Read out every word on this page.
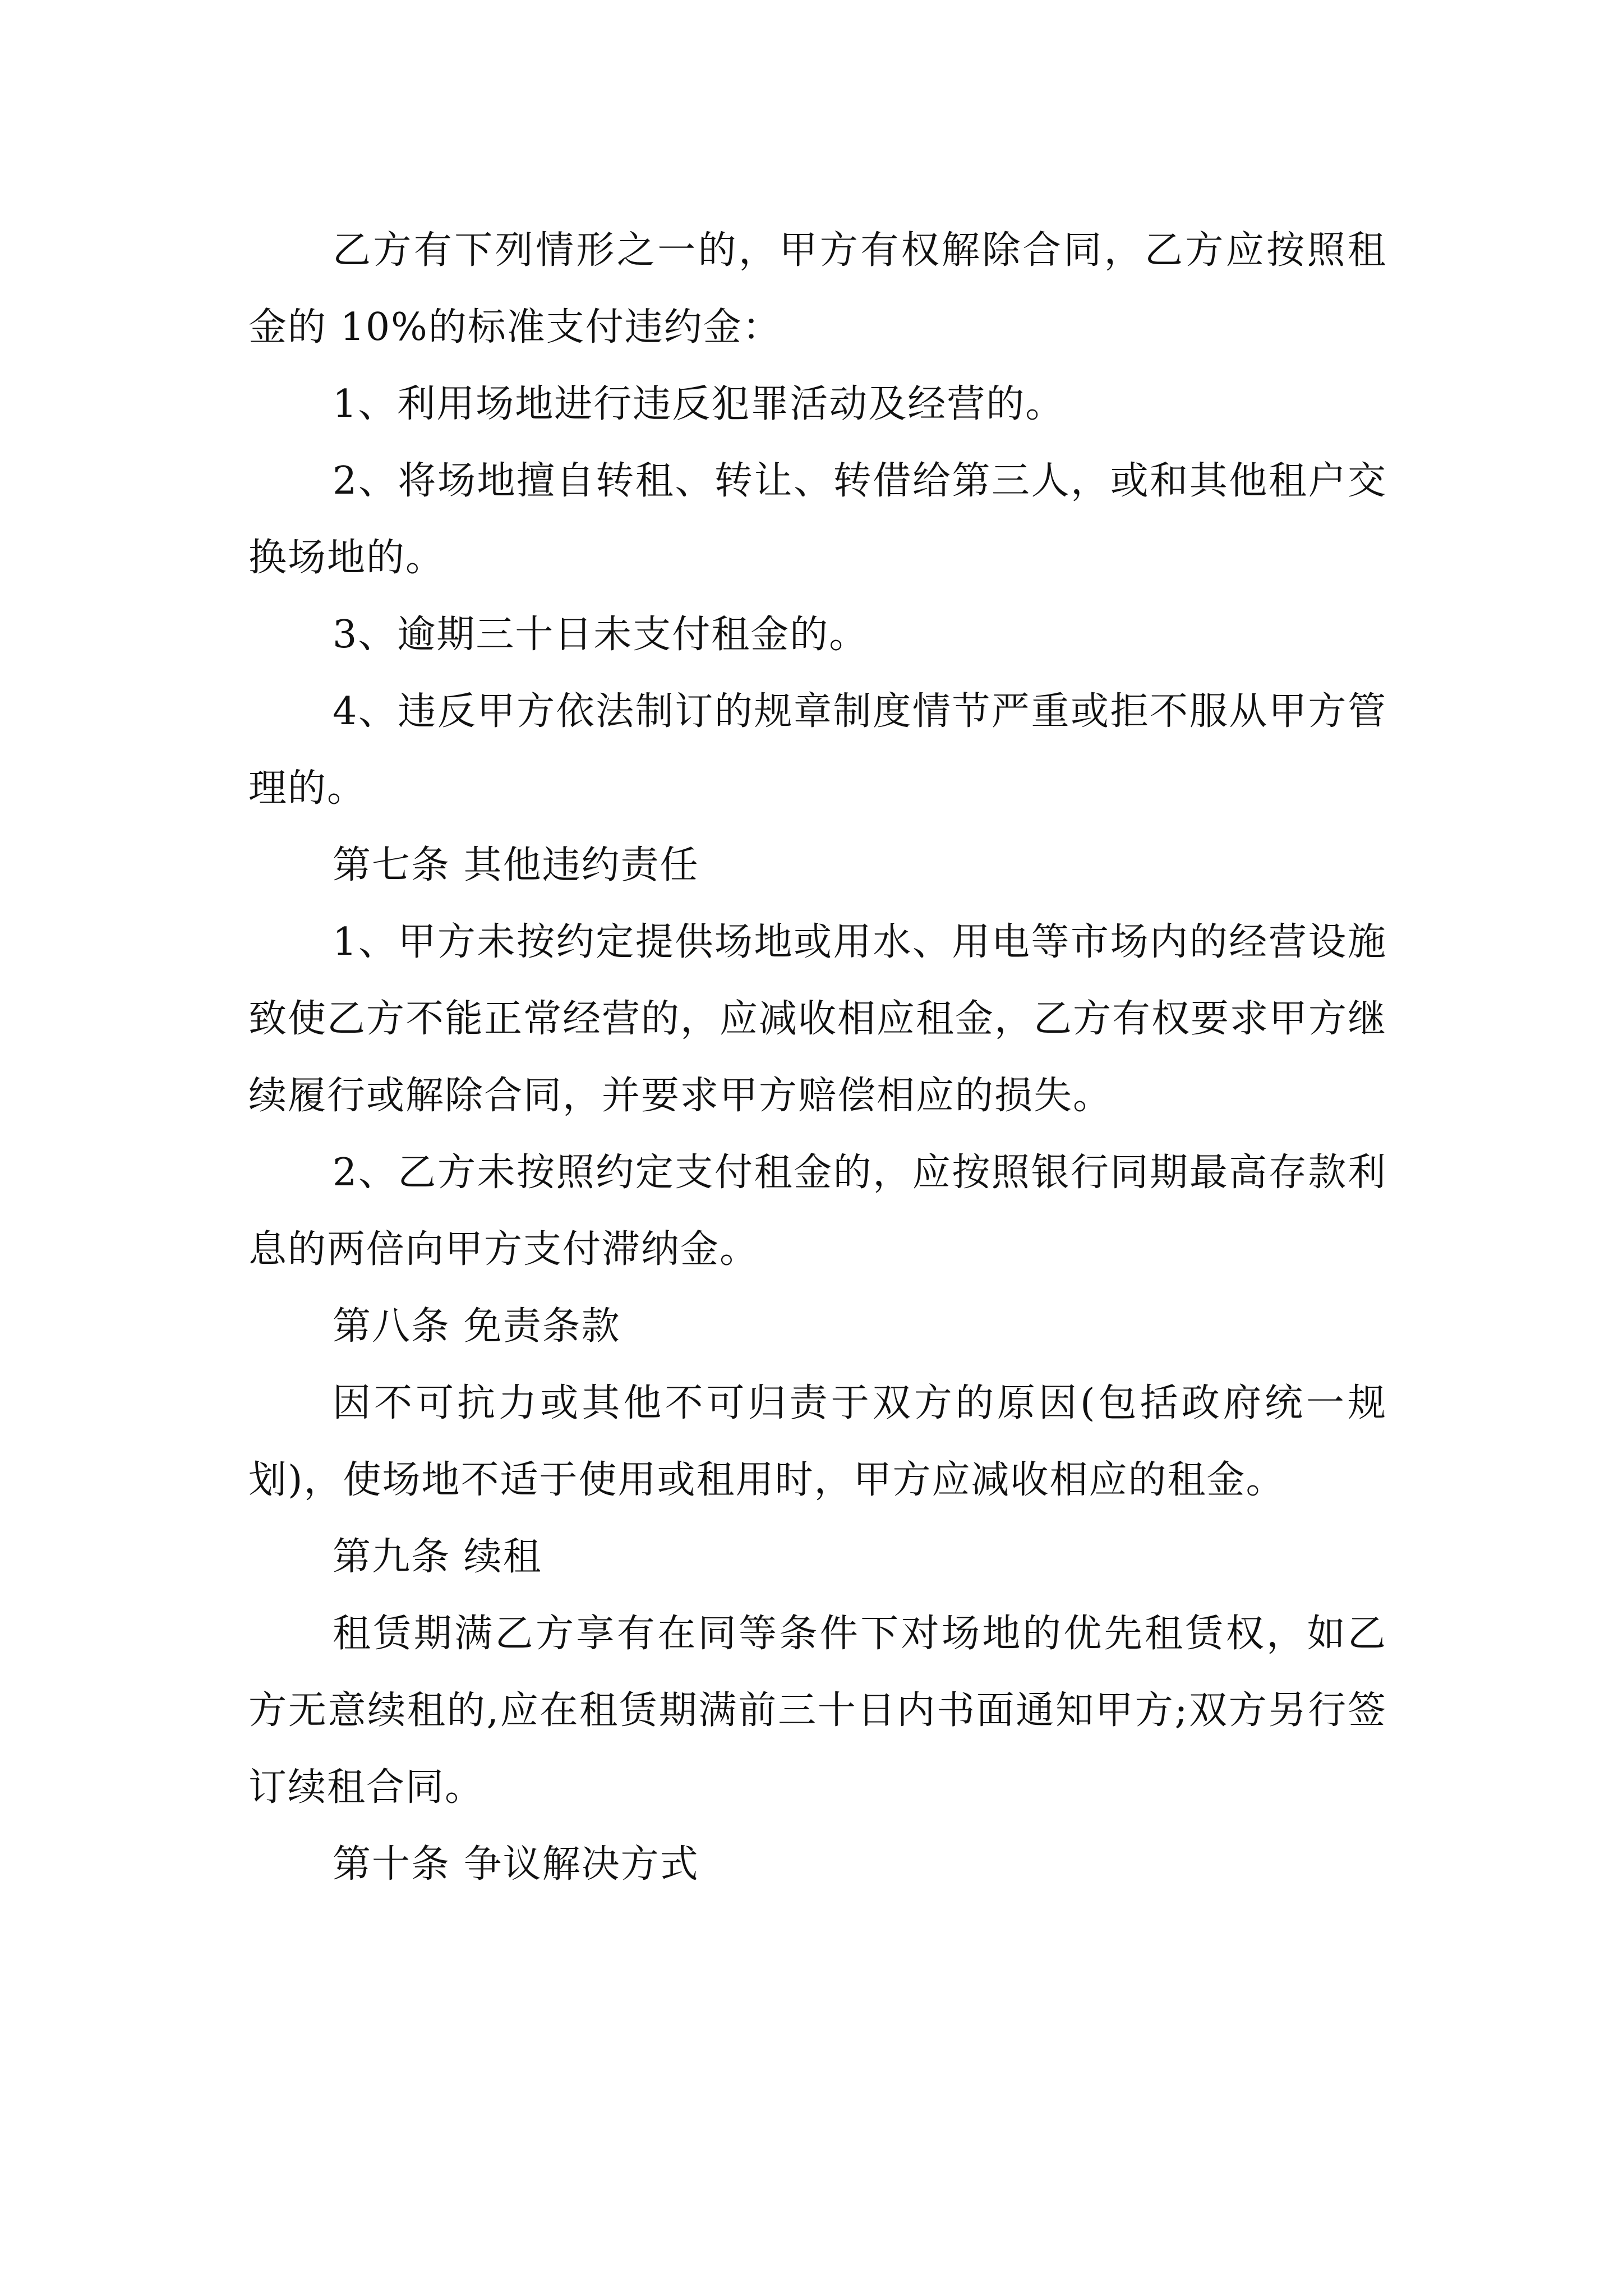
乙方有下列情形之一的，甲方有权解除合同，乙方应按照租金的 10%的标准支付违约金：

1、利用场地进行违反犯罪活动及经营的。

2、将场地擅自转租、转让、转借给第三人，或和其他租户交换场地的。

3、逾期三十日未支付租金的。

4、违反甲方依法制订的规章制度情节严重或拒不服从甲方管理的。

第七条 其他违约责任

1、甲方未按约定提供场地或用水、用电等市场内的经营设施致使乙方不能正常经营的，应减收相应租金，乙方有权要求甲方继续履行或解除合同，并要求甲方赔偿相应的损失。

2、乙方未按照约定支付租金的，应按照银行同期最高存款利息的两倍向甲方支付滞纳金。

第八条 免责条款

因不可抗力或其他不可归责于双方的原因(包括政府统一规划)，使场地不适于使用或租用时，甲方应减收相应的租金。

第九条 续租

租赁期满乙方享有在同等条件下对场地的优先租赁权，如乙方无意续租的,应在租赁期满前三十日内书面通知甲方;双方另行签订续租合同。

第十条 争议解决方式
